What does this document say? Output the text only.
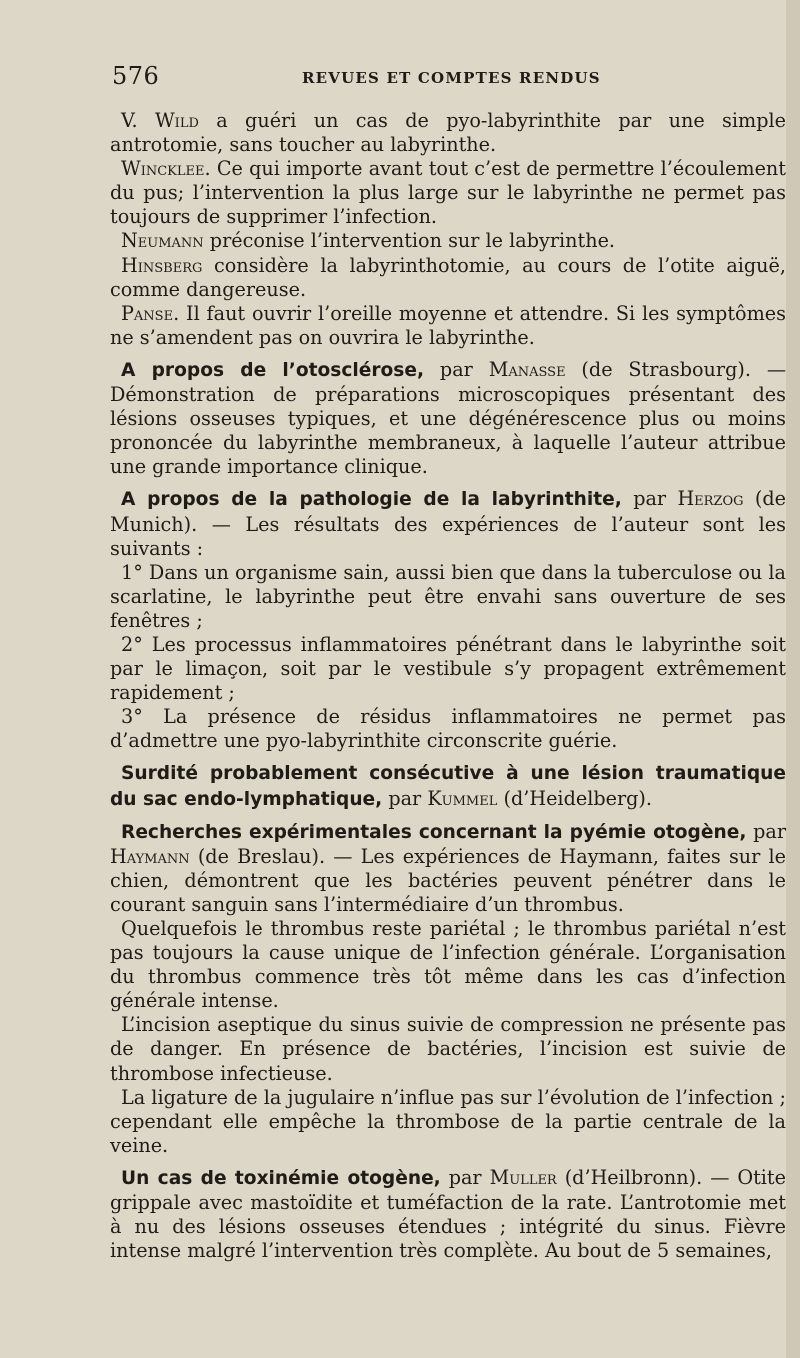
576	REVUES ET COMPTES RENDUS

V. Wild a guéri un cas de pyo-labyrinthite par une simple antrotomie, sans toucher au labyrinthe.

Wincklee. Ce qui importe avant tout c’est de permettre l’écoulement du pus; l’intervention la plus large sur le labyrinthe ne permet pas toujours de supprimer l’infection.

Neumann préconise l’intervention sur le labyrinthe.

Hinsberg considère la labyrinthotomie, au cours de l’otite aiguë, comme dangereuse.

Panse. Il faut ouvrir l’oreille moyenne et attendre. Si les symptômes ne s’amendent pas on ouvrira le labyrinthe.

A propos de l’otosclérose, par Manasse (de Strasbourg). — Démonstration de préparations microscopiques présentant des lésions osseuses typiques, et une dégénérescence plus ou moins prononcée du labyrinthe membraneux, à laquelle l’auteur attribue une grande importance clinique.

A propos de la pathologie de la labyrinthite, par Herzog (de Munich). — Les résultats des expériences de l’auteur sont les suivants :

1° Dans un organisme sain, aussi bien que dans la tuberculose ou la scarlatine, le labyrinthe peut être envahi sans ouverture de ses fenêtres ;

2° Les processus inflammatoires pénétrant dans le labyrinthe soit par le limaçon, soit par le vestibule s’y propagent extrêmement rapidement ;

3° La présence de résidus inflammatoires ne permet pas d’admettre une pyo-labyrinthite circonscrite guérie.

Surdité probablement consécutive à une lésion traumatique du sac endo-lymphatique, par Kummel (d’Heidelberg).

Recherches expérimentales concernant la pyémie otogène, par Haymann (de Breslau). — Les expériences de Haymann, faites sur le chien, démontrent que les bactéries peuvent pénétrer dans le courant sanguin sans l’intermédiaire d’un thrombus.

Quelquefois le thrombus reste pariétal ; le thrombus pariétal n’est pas toujours la cause unique de l’infection générale. L’organisation du thrombus commence très tôt même dans les cas d’infection générale intense.

L’incision aseptique du sinus suivie de compression ne présente pas de danger. En présence de bactéries, l’incision est suivie de thrombose infectieuse.

La ligature de la jugulaire n’influe pas sur l’évolution de l’infection ; cependant elle empêche la thrombose de la partie centrale de la veine.

Un cas de toxinémie otogène, par Muller (d’Heilbronn). — Otite grippale avec mastoïdite et tuméfaction de la rate. L’antrotomie met à nu des lésions osseuses étendues ; intégrité du sinus. Fièvre intense malgré l’intervention très complète. Au bout de 5 semaines,
